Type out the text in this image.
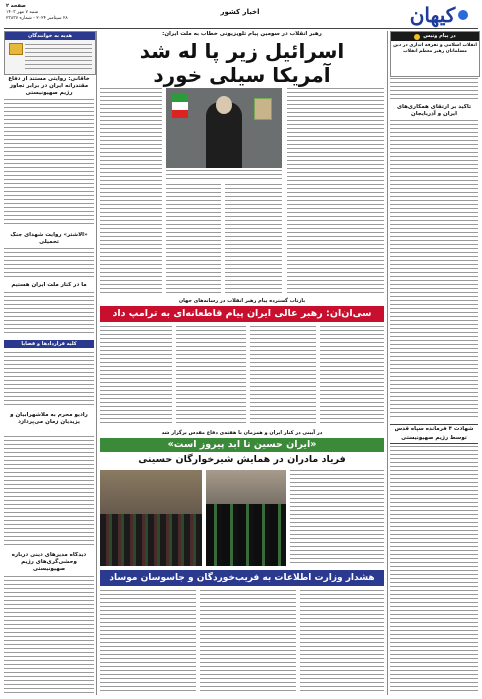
صفحه ۲
شنبه ۷ مهر ۱۴۰۳
۲۸ سپتامبر ۲۰۲۴ - شماره ۲۳۸۳۷
اخبار کشور	کیهان
هدیه به خوانندگان
خاقانی: روایتی مستند از دفاع مقتدرانه ایران در برابر تجاوز رژیم صهیونیستی
«الاشتر» روایت شهدای جنگ تحمیلی
ما در کنار ملت ایران هستیم
کلیه قراردادها و قضایا
رادیو محرم به ملاشهرابیان و یزیدیان زمان می‌پردازد
دیدگاه مدیرهای دینی درباره وحشی‌گری‌های رژیم صهیونیستی
در پیام وتیس
انقلاب اسلامی و تفرقه اندازی در دین مسلمانان رهبر معظم انقلاب
تاکید بر ارتقای همکاری‌های ایران و آذربایجان
شهادت ۴ فرمانده سپاه قدس توسط رژیم صهیونیستی
رهبر انقلاب در سومین پیام تلویزیونی خطاب به ملت ایران:
اسرائیل زیر پا له شد
آمریکا سیلی خورد
بازتاب گسترده پیام رهبر انقلاب در رسانه‌های جهان
سی‌ان‌ان: رهبر عالی ایران پیام قاطعانه‌ای به ترامپ داد
در آیینی در کنار ایران و همزمان با هفته‌ی دفاع مقدس برگزار شد
«ایران حسین تا ابد پیروز است»
فریاد مادران در همایش شیرخوارگان حسینی
هشدار وزارت اطلاعات به فریب‌خوردگان و جاسوسان موساد
